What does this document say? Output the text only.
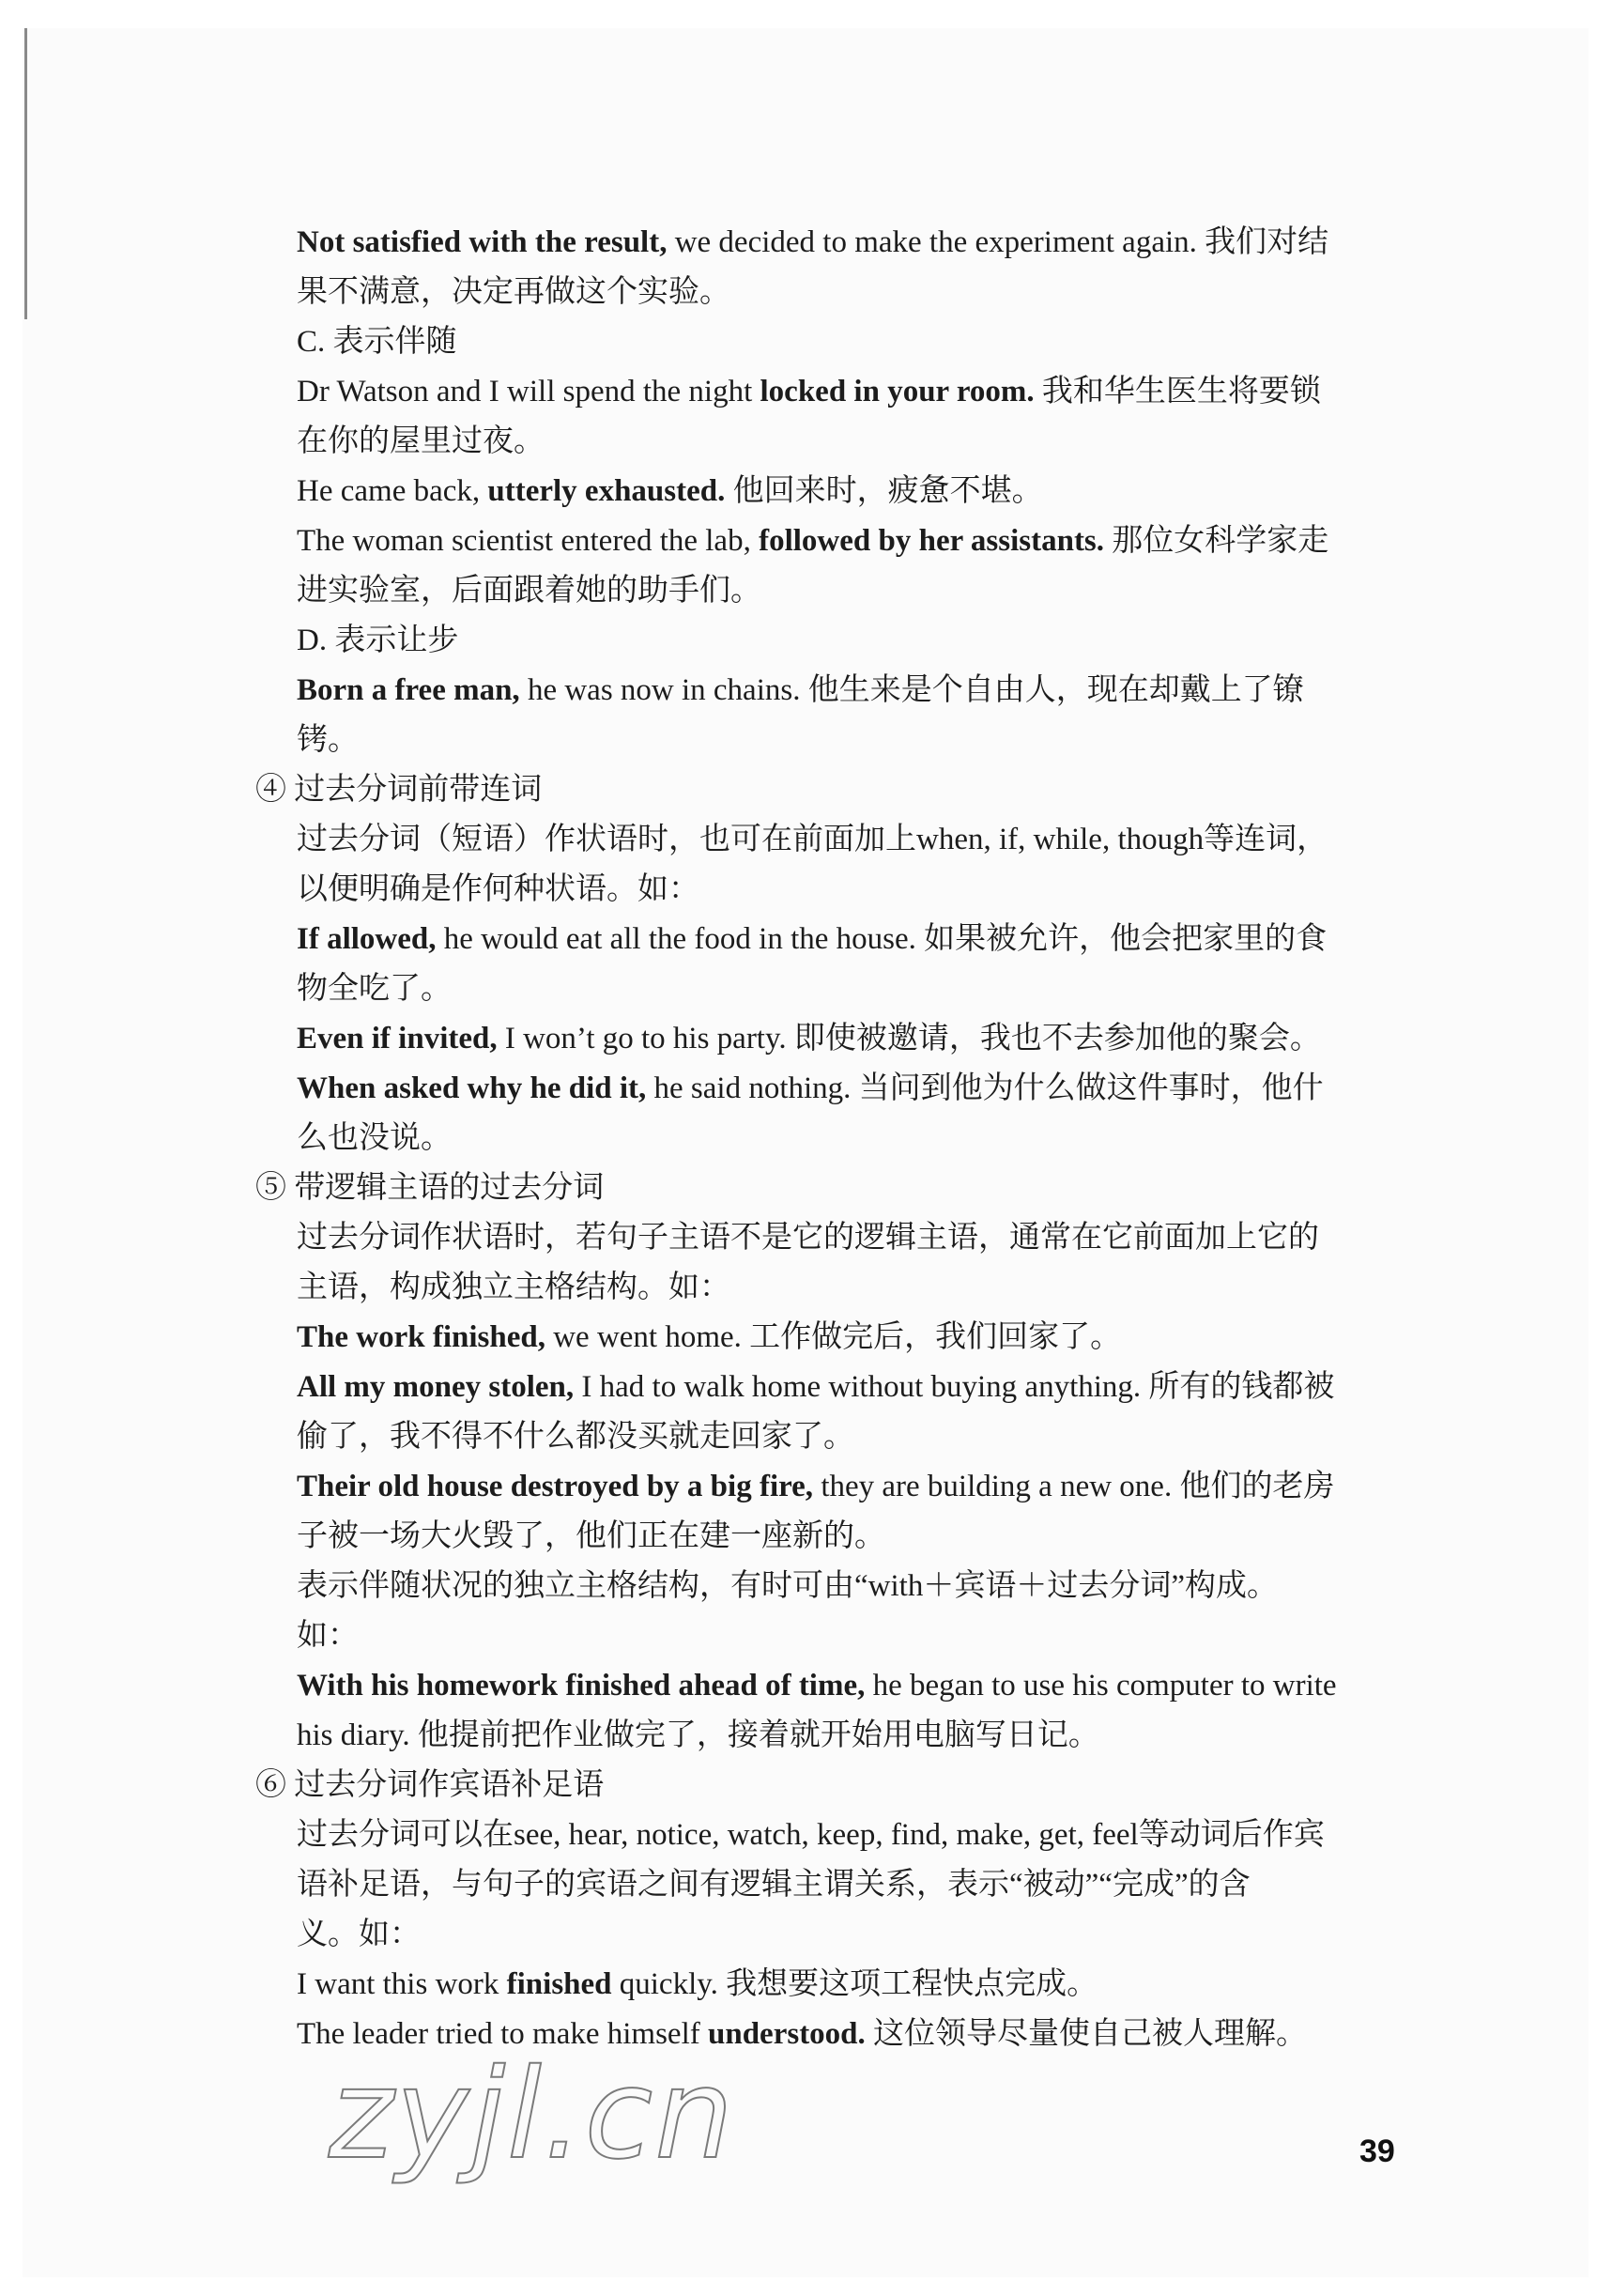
Not satisfied with the result, we decided to make the experiment again. 我们对结
果不满意，决定再做这个实验。
C. 表示伴随
Dr Watson and I will spend the night locked in your room. 我和华生医生将要锁
在你的屋里过夜。
He came back, utterly exhausted. 他回来时，疲惫不堪。
The woman scientist entered the lab, followed by her assistants. 那位女科学家走
进实验室，后面跟着她的助手们。
D. 表示让步
Born a free man, he was now in chains. 他生来是个自由人，现在却戴上了镣
铐。
④ 过去分词前带连词
过去分词（短语）作状语时，也可在前面加上when, if, while, though等连词，
以便明确是作何种状语。如：
If allowed, he would eat all the food in the house. 如果被允许，他会把家里的食
物全吃了。
Even if invited, I won’t go to his party. 即使被邀请，我也不去参加他的聚会。
When asked why he did it, he said nothing. 当问到他为什么做这件事时，他什
么也没说。
⑤ 带逻辑主语的过去分词
过去分词作状语时，若句子主语不是它的逻辑主语，通常在它前面加上它的
主语，构成独立主格结构。如：
The work finished, we went home. 工作做完后，我们回家了。
All my money stolen, I had to walk home without buying anything. 所有的钱都被
偷了，我不得不什么都没买就走回家了。
Their old house destroyed by a big fire, they are building a new one. 他们的老房
子被一场大火毁了，他们正在建一座新的。
表示伴随状况的独立主格结构，有时可由“with＋宾语＋过去分词”构成。
如：
With his homework finished ahead of time, he began to use his computer to write
his diary. 他提前把作业做完了，接着就开始用电脑写日记。
⑥ 过去分词作宾语补足语
过去分词可以在see, hear, notice, watch, keep, find, make, get, feel等动词后作宾
语补足语，与句子的宾语之间有逻辑主谓关系，表示“被动”“完成”的含
义。如：
I want this work finished quickly. 我想要这项工程快点完成。
The leader tried to make himself understood. 这位领导尽量使自己被人理解。
zyjl.cn	39
